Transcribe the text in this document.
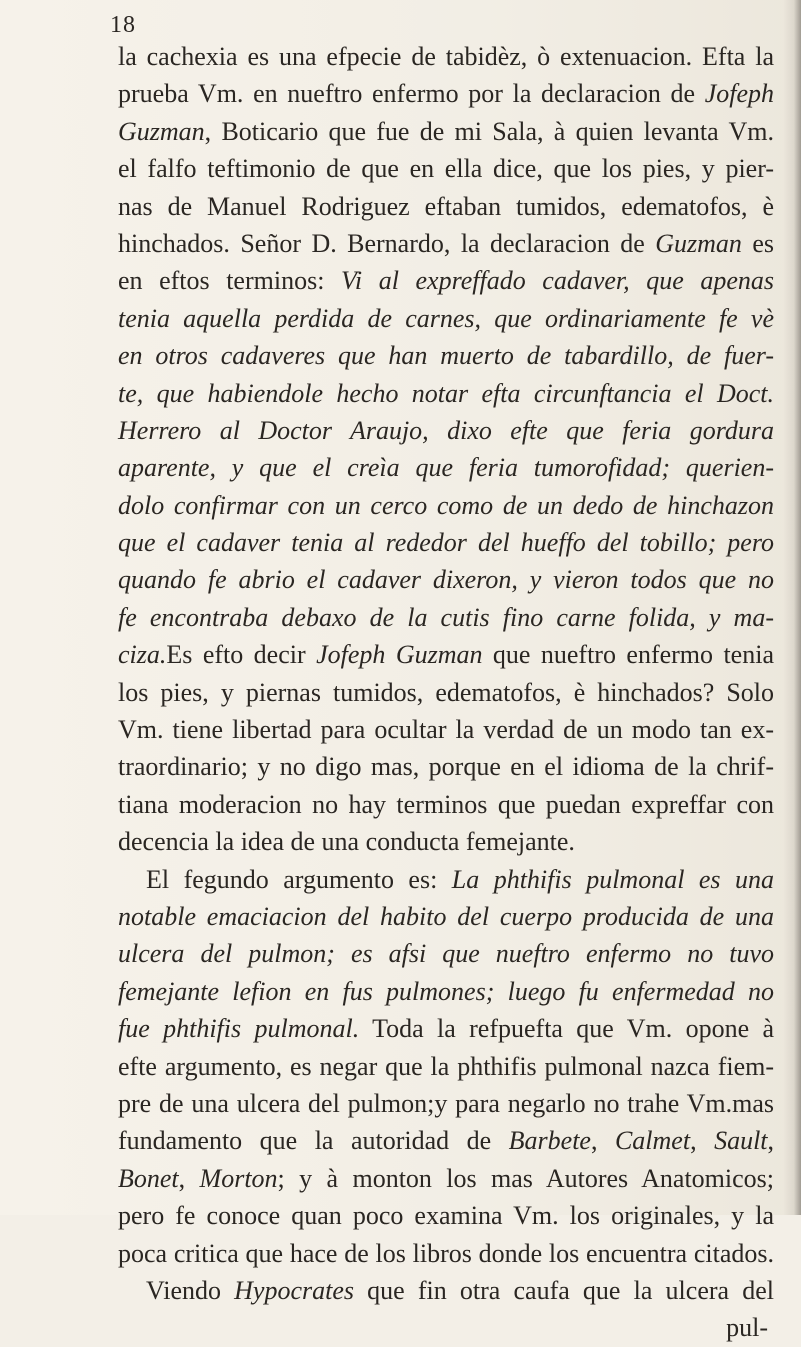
18
la cachexia es una efpecie de tabidèz, ò extenuacion. Efta la
prueba Vm. en nueftro enfermo por la declaracion de Jofeph
Guzman, Boticario que fue de mi Sala, à quien levanta Vm.
el falfo teftimonio de que en ella dice, que los pies, y pier-
nas de Manuel Rodriguez eftaban tumidos, edematofos, è
hinchados. Señor D. Bernardo, la declaracion de Guzman es
en eftos terminos: Vi al expreffado cadaver, que apenas
tenia aquella perdida de carnes, que ordinariamente fe vè
en otros cadaveres que han muerto de tabardillo, de fuer-
te, que habiendole hecho notar efta circunftancia el Doct.
Herrero al Doctor Araujo, dixo efte que feria gordura
aparente, y que el creìa que feria tumorofidad; querien-
dolo confirmar con un cerco como de un dedo de hinchazon
que el cadaver tenia al rededor del hueffo del tobillo; pero
quando fe abrio el cadaver dixeron, y vieron todos que no
fe encontraba debaxo de la cutis fino carne folida, y ma-
ciza.Es efto decir Jofeph Guzman que nueftro enfermo tenia
los pies, y piernas tumidos, edematofos, è hinchados? Solo
Vm. tiene libertad para ocultar la verdad de un modo tan ex-
traordinario; y no digo mas, porque en el idioma de la chrif-
tiana moderacion no hay terminos que puedan expreffar con
decencia la idea de una conducta femejante.
El fegundo argumento es: La phthifis pulmonal es una
notable emaciacion del habito del cuerpo producida de una
ulcera del pulmon; es afsi que nueftro enfermo no tuvo
femejante lefion en fus pulmones; luego fu enfermedad no
fue phthifis pulmonal. Toda la refpuefta que Vm. opone à
efte argumento, es negar que la phthifis pulmonal nazca fiem-
pre de una ulcera del pulmon;y para negarlo no trahe Vm.mas
fundamento que la autoridad de Barbete, Calmet, Sault,
Bonet, Morton; y à monton los mas Autores Anatomicos;
pero fe conoce quan poco examina Vm. los originales, y la
poca critica que hace de los libros donde los encuentra citados.
Viendo Hypocrates que fin otra caufa que la ulcera del
pul-
